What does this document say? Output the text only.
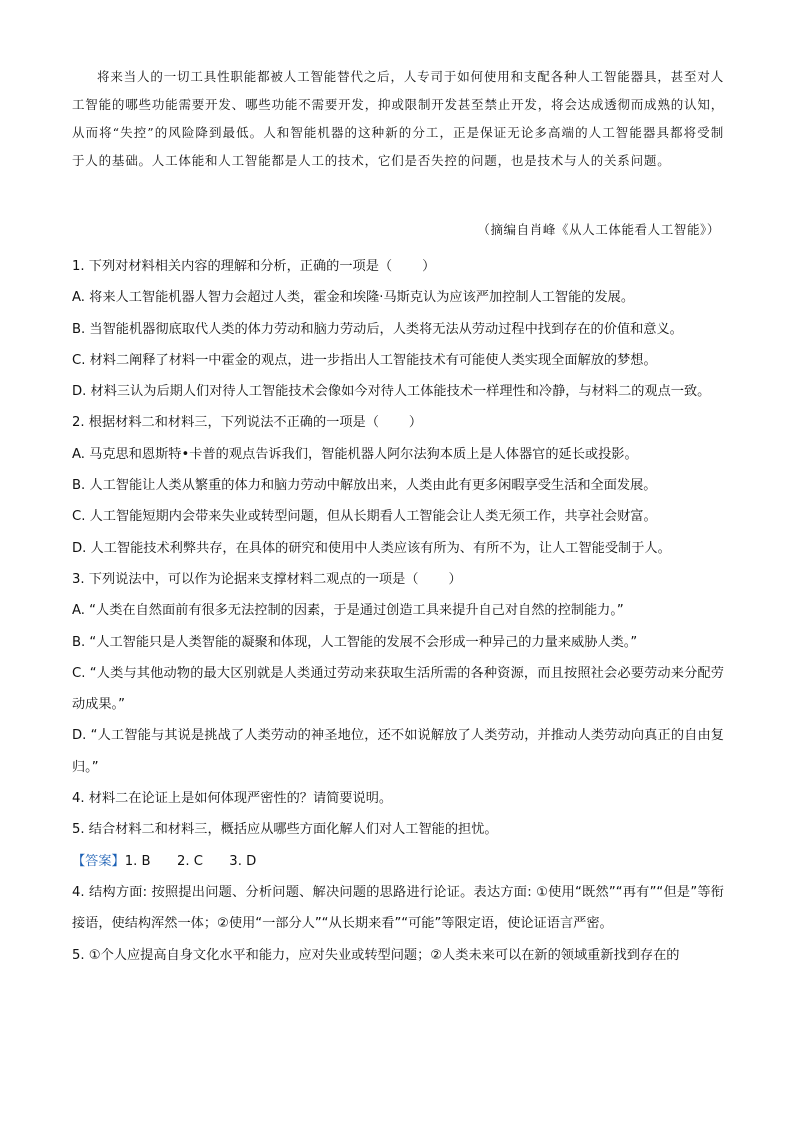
将来当人的一切工具性职能都被人工智能替代之后，人专司于如何使用和支配各种人工智能器具，甚至对人工智能的哪些功能需要开发、哪些功能不需要开发，抑或限制开发甚至禁止开发，将会达成透彻而成熟的认知，从而将“失控”的风险降到最低。人和智能机器的这种新的分工，正是保证无论多高端的人工智能器具都将受制于人的基础。人工体能和人工智能都是人工的技术，它们是否失控的问题，也是技术与人的关系问题。

（摘编自肖峰《从人工体能看人工智能》）

1. 下列对材料相关内容的理解和分析，正确的一项是（ ）

A. 将来人工智能机器人智力会超过人类，霍金和埃隆·马斯克认为应该严加控制人工智能的发展。

B. 当智能机器彻底取代人类的体力劳动和脑力劳动后，人类将无法从劳动过程中找到存在的价值和意义。

C. 材料二阐释了材料一中霍金的观点，进一步指出人工智能技术有可能使人类实现全面解放的梦想。

D. 材料三认为后期人们对待人工智能技术会像如今对待人工体能技术一样理性和冷静，与材料二的观点一致。

2. 根据材料二和材料三，下列说法不正确的一项是（ ）

A. 马克思和恩斯特•卡普的观点告诉我们，智能机器人阿尔法狗本质上是人体器官的延长或投影。

B. 人工智能让人类从繁重的体力和脑力劳动中解放出来，人类由此有更多闲暇享受生活和全面发展。

C. 人工智能短期内会带来失业或转型问题，但从长期看人工智能会让人类无须工作，共享社会财富。

D. 人工智能技术利弊共存，在具体的研究和使用中人类应该有所为、有所不为，让人工智能受制于人。

3. 下列说法中，可以作为论据来支撑材料二观点的一项是（ ）

A. “人类在自然面前有很多无法控制的因素，于是通过创造工具来提升自己对自然的控制能力。”

B. “人工智能只是人类智能的凝聚和体现，人工智能的发展不会形成一种异己的力量来威胁人类。”

C. “人类与其他动物的最大区别就是人类通过劳动来获取生活所需的各种资源，而且按照社会必要劳动来分配劳动成果。”

D. “人工智能与其说是挑战了人类劳动的神圣地位，还不如说解放了人类劳动，并推动人类劳动向真正的自由复归。”

4. 材料二在论证上是如何体现严密性的？请简要说明。

5. 结合材料二和材料三，概括应从哪些方面化解人们对人工智能的担忧。

【答案】1. B　　2. C　　3. D

4. 结构方面: 按照提出问题、分析问题、解决问题的思路进行论证。表达方面: ①使用“既然”“再有”“但是”等衔接语，使结构浑然一体；②使用“一部分人”“从长期来看”“可能”等限定语，使论证语言严密。

5. ①个人应提高自身文化水平和能力，应对失业或转型问题；②人类未来可以在新的领域重新找到存在的
